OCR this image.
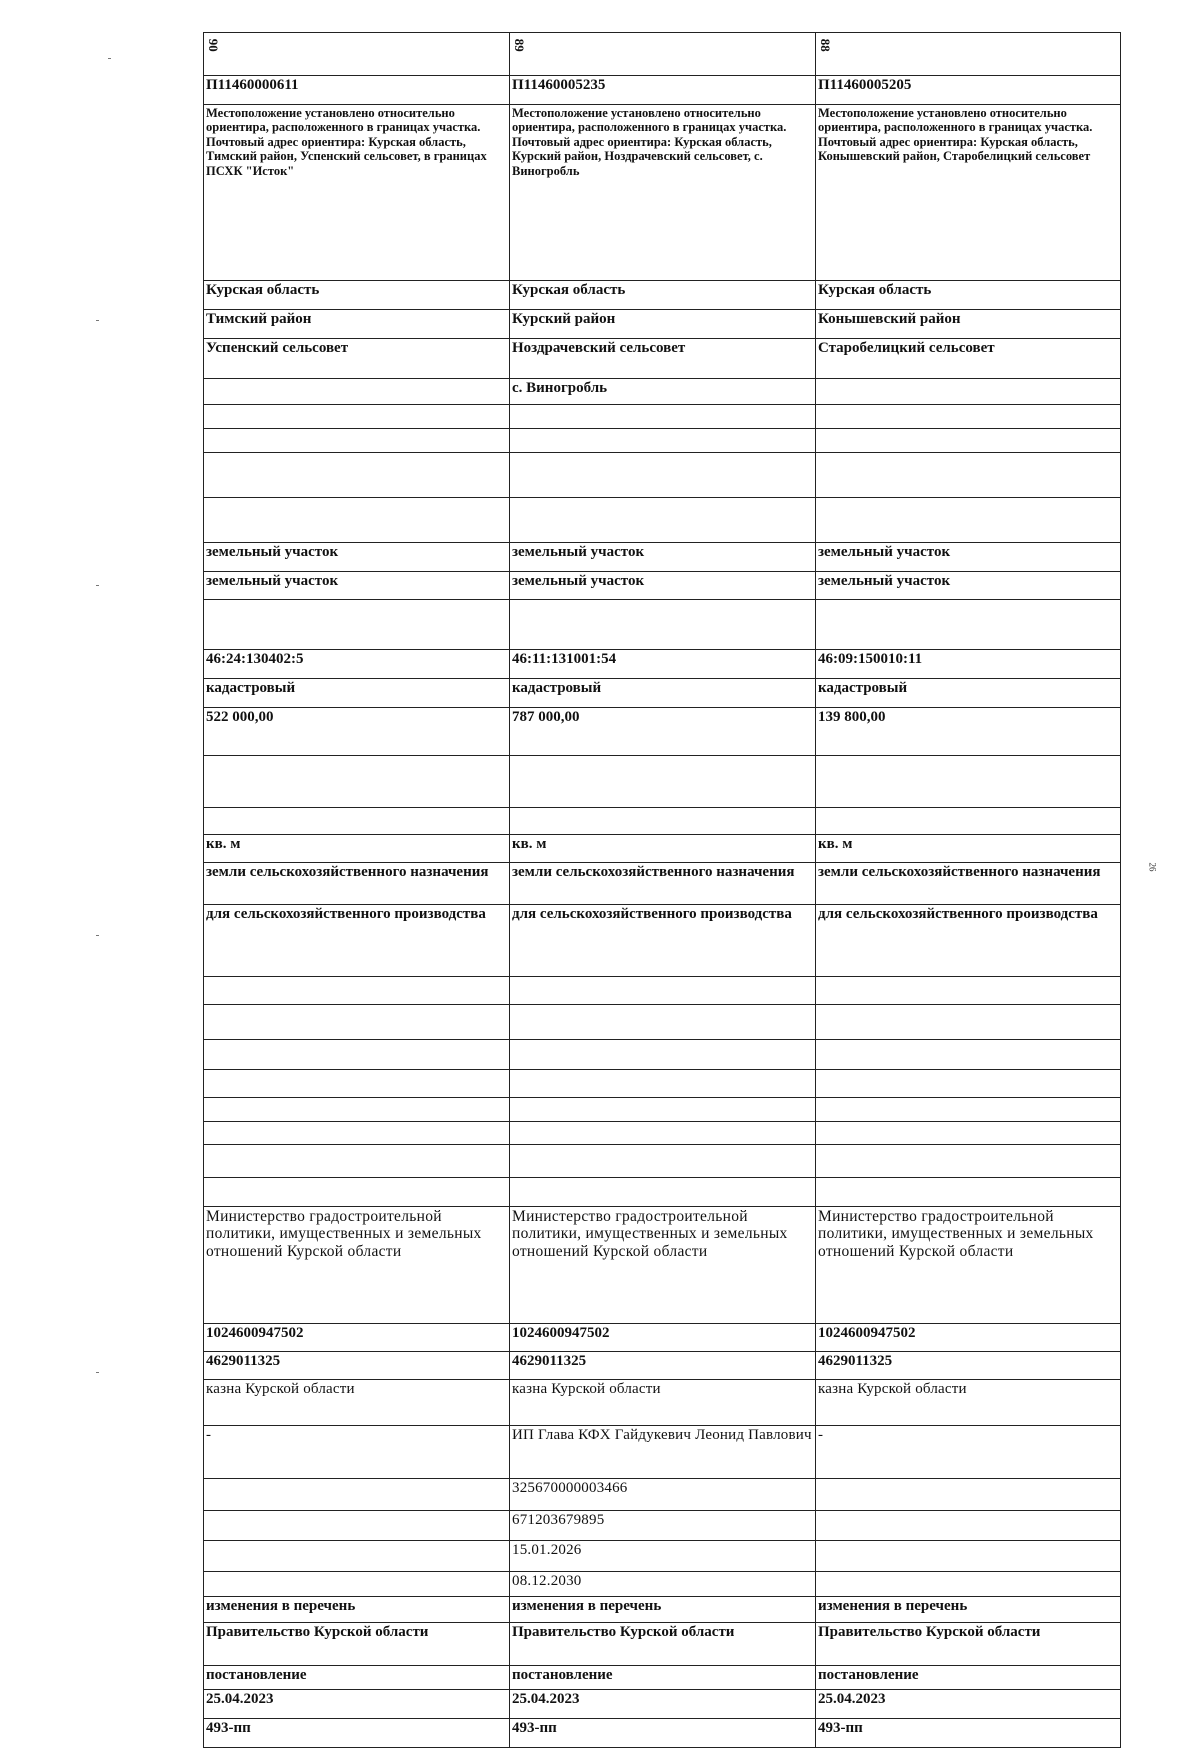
90	89	88
П11460000611	П11460005235	П11460005205
Местоположение установлено относительно ориентира, расположенного в границах участка. Почтовый адрес ориентира: Курская область, Тимский район, Успенский сельсовет, в границах ПСХК "Исток"	Местоположение установлено относительно ориентира, расположенного в границах участка. Почтовый адрес ориентира: Курская область, Курский район, Ноздрачевский сельсовет, с. Виногробль	Местоположение установлено относительно ориентира, расположенного в границах участка. Почтовый адрес ориентира: Курская область, Конышевский район, Старобелицкий сельсовет
Курская область	Курская область	Курская область
Тимский район	Курский район	Конышевский район
Успенский сельсовет	Ноздрачевский сельсовет	Старобелицкий сельсовет
	с. Виногробль	

земельный участок	земельный участок	земельный участок
земельный участок	земельный участок	земельный участок

46:24:130402:5	46:11:131001:54	46:09:150010:11
кадастровый	кадастровый	кадастровый
522 000,00	787 000,00	139 800,00

кв. м	кв. м	кв. м
земли сельскохозяйственного назначения	земли сельскохозяйственного назначения	земли сельскохозяйственного назначения
для сельскохозяйственного производства	для сельскохозяйственного производства	для сельскохозяйственного производства

Министерство градостроительной политики, имущественных и земельных отношений Курской области	Министерство градостроительной политики, имущественных и земельных отношений Курской области	Министерство градостроительной политики, имущественных и земельных отношений Курской области
1024600947502	1024600947502	1024600947502
4629011325	4629011325	4629011325
казна Курской области	казна Курской области	казна Курской области
-	ИП Глава КФХ Гайдукевич Леонид Павлович	-
	325670000003466	
	671203679895	
	15.01.2026	
	08.12.2030	
изменения в перечень	изменения в перечень	изменения в перечень
Правительство Курской области	Правительство Курской области	Правительство Курской области
постановление	постановление	постановление
25.04.2023	25.04.2023	25.04.2023
493-пп	493-пп	493-пп
26
